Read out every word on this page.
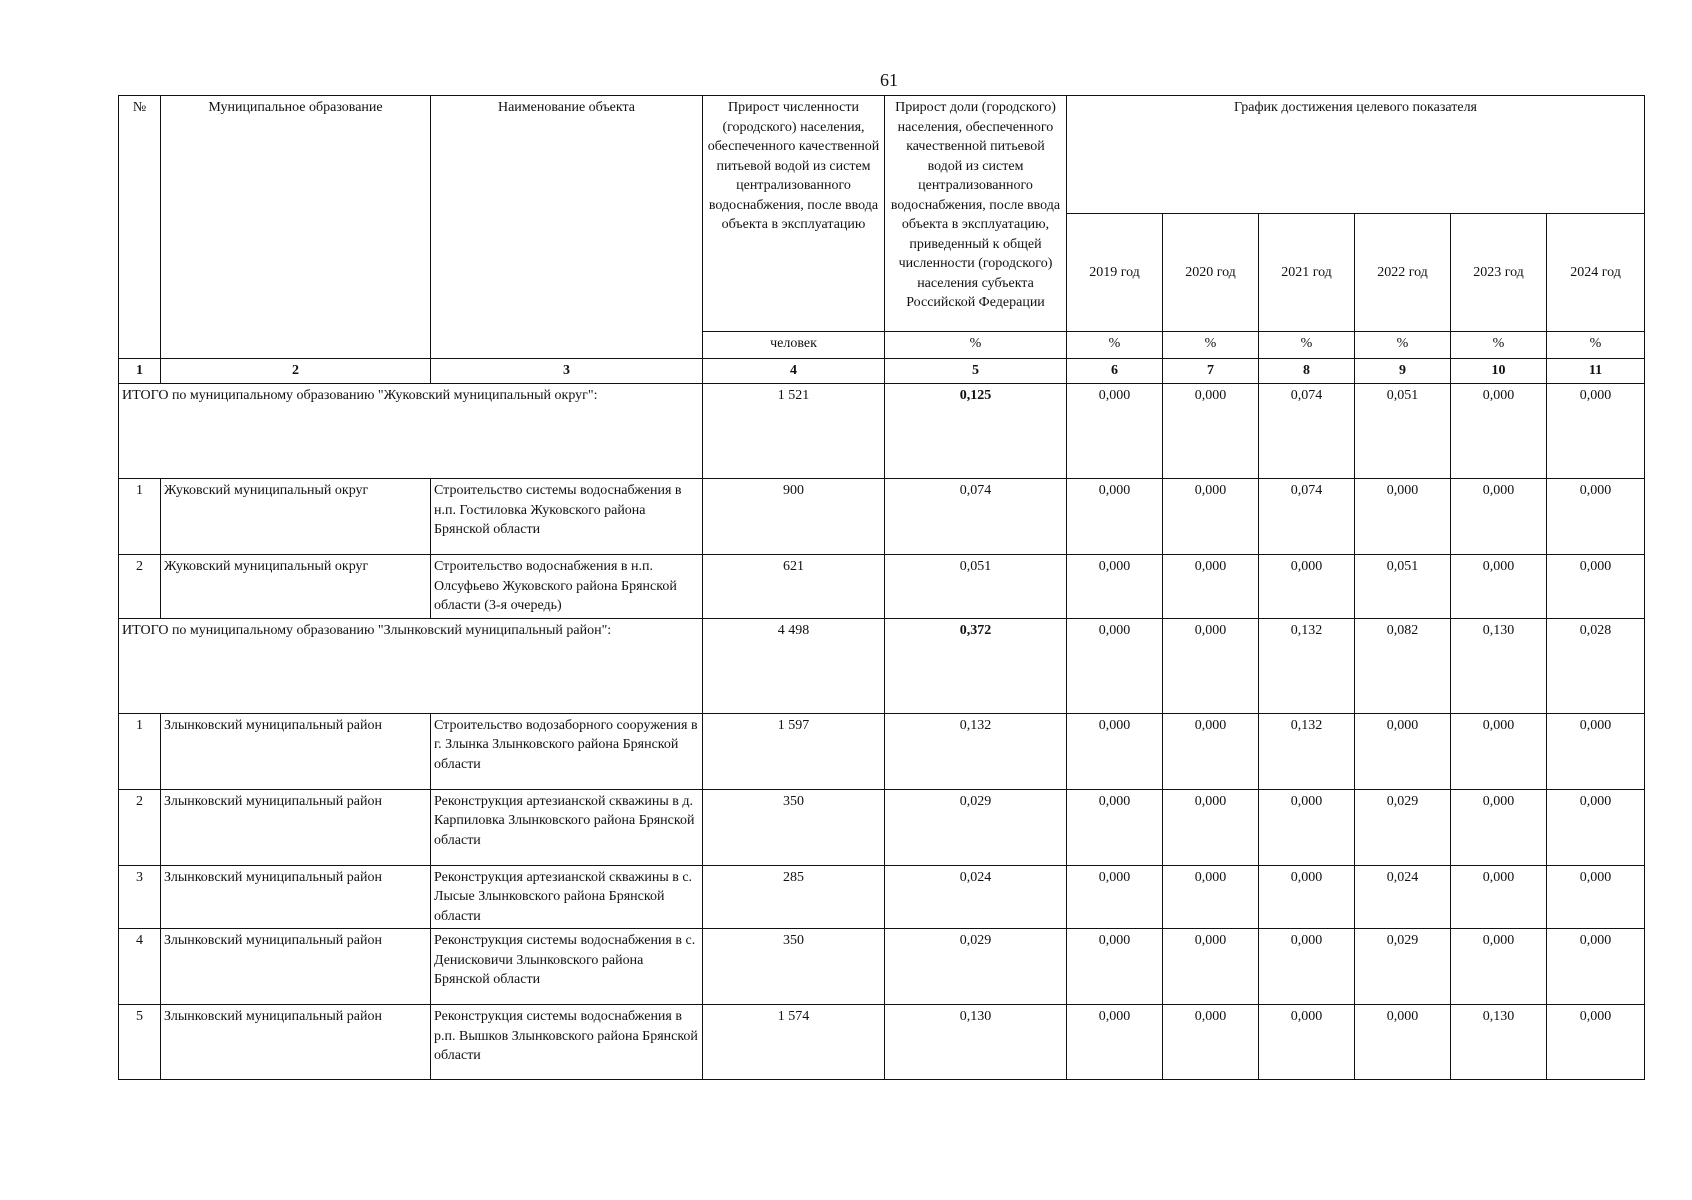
61
№	Муниципальное образование	Наименование объекта	Прирост численности (городского) населения, обеспеченного качественной питьевой водой из систем централизованного водоснабжения, после ввода объекта в эксплуатацию	Прирост доли (городского) населения, обеспеченного качественной питьевой водой из систем централизованного водоснабжения, после ввода объекта в эксплуатацию, приведенный к общей численности (городского) населения субъекта Российской Федерации	График достижения целевого показателя					
					2019 год	2020 год	2021 год	2022 год	2023 год	2024 год
			человек	%	%	%	%	%	%	%
1	2	3	4	5	6	7	8	9	10	11
ИТОГО по муниципальному образованию "Жуковский муниципальный округ":			1 521	0,125	0,000	0,000	0,074	0,051	0,000	0,000
1	Жуковский муниципальный округ	Строительство системы водоснабжения в н.п. Гостиловка Жуковского района Брянской области	900	0,074	0,000	0,000	0,074	0,000	0,000	0,000
2	Жуковский муниципальный округ	Строительство водоснабжения в н.п. Олсуфьево Жуковского района Брянской области (3-я очередь)	621	0,051	0,000	0,000	0,000	0,051	0,000	0,000
ИТОГО по муниципальному образованию "Злынковский муниципальный район":			4 498	0,372	0,000	0,000	0,132	0,082	0,130	0,028
1	Злынковский муниципальный район	Строительство водозаборного сооружения в г. Злынка Злынковского района Брянской области	1 597	0,132	0,000	0,000	0,132	0,000	0,000	0,000
2	Злынковский муниципальный район	Реконструкция артезианской скважины в д. Карпиловка Злынковского района Брянской области	350	0,029	0,000	0,000	0,000	0,029	0,000	0,000
3	Злынковский муниципальный район	Реконструкция артезианской скважины в с. Лысые Злынковского района Брянской области	285	0,024	0,000	0,000	0,000	0,024	0,000	0,000
4	Злынковский муниципальный район	Реконструкция системы водоснабжения в с. Денисковичи Злынковского района Брянской области	350	0,029	0,000	0,000	0,000	0,029	0,000	0,000
5	Злынковский муниципальный район	Реконструкция системы водоснабжения в р.п. Вышков Злынковского района Брянской области	1 574	0,130	0,000	0,000	0,000	0,000	0,130	0,000
